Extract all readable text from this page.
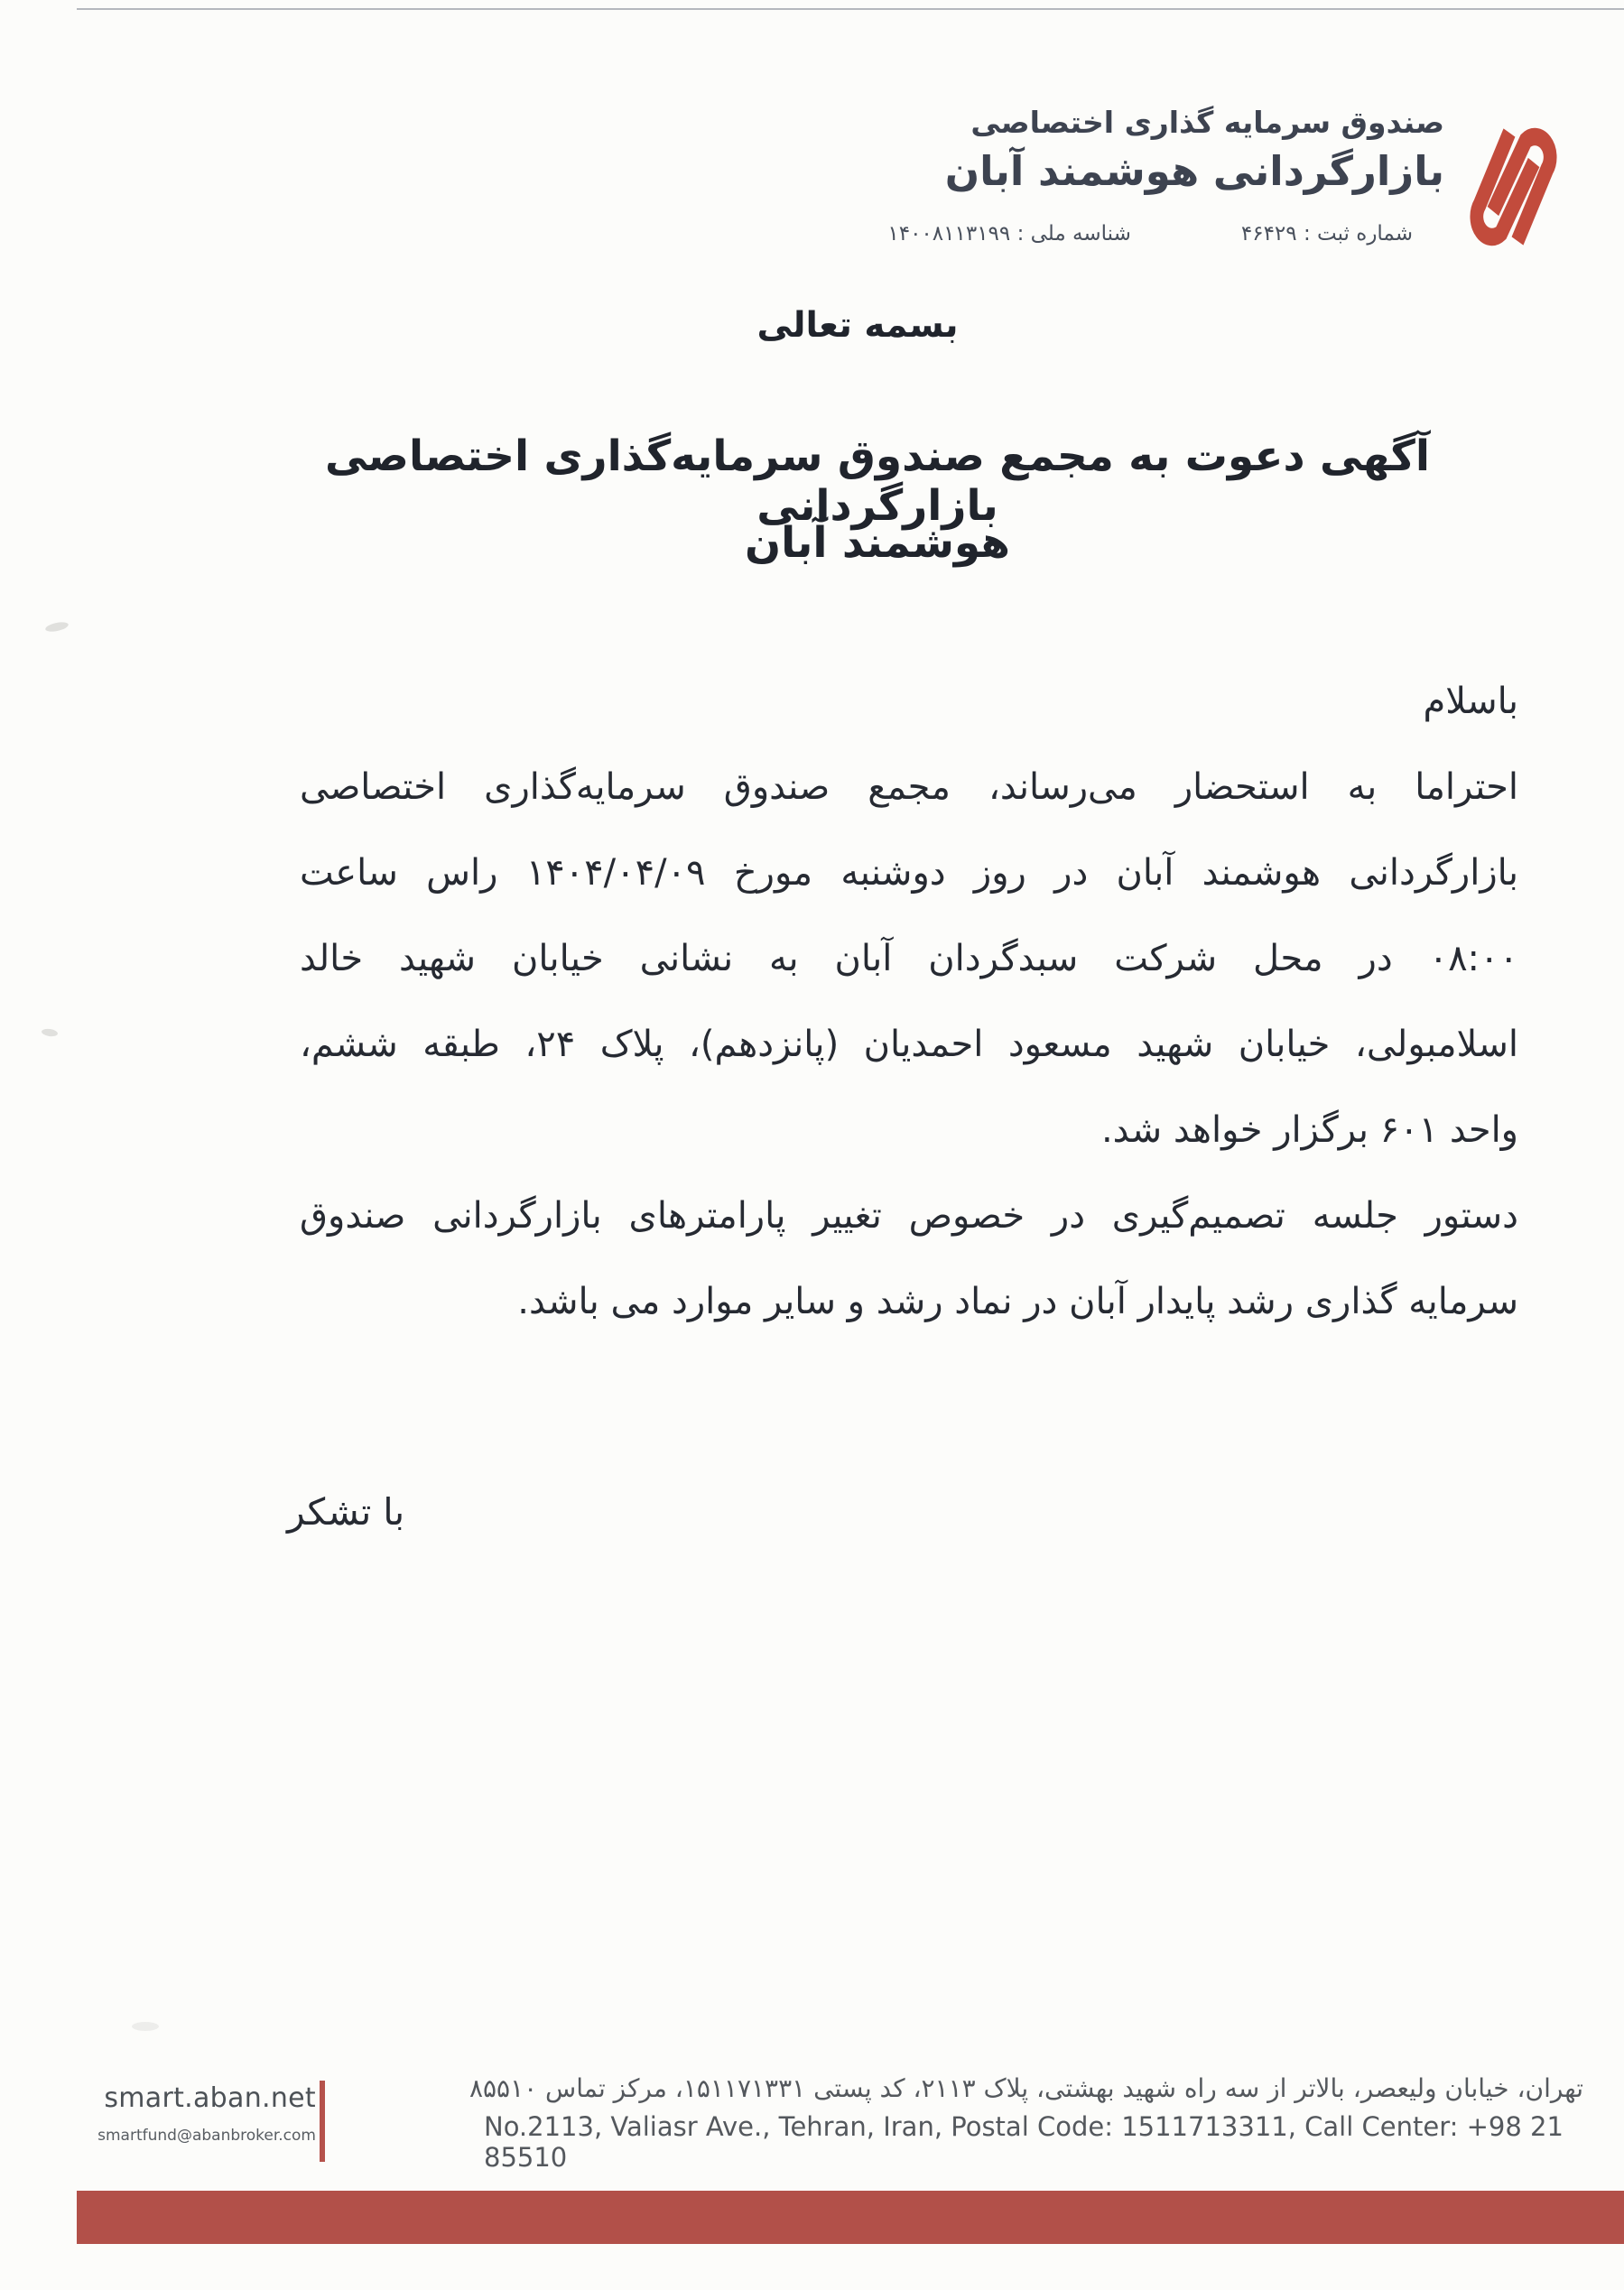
صندوق سرمایه گذاری اختصاصی
بازارگردانی هوشمند آبان
شماره ثبت : ۴۶۴۲۹
شناسه ملی : ۱۴۰۰۸۱۱۳۱۹۹
بسمه تعالی
آگهی دعوت به مجمع صندوق سرمایه‌گذاری اختصاصی بازارگردانی
هوشمند آبان
باسلام
احتراما به استحضار می‌رساند، مجمع صندوق سرمایه‌گذاری اختصاصی
بازارگردانی هوشمند آبان در روز دوشنبه مورخ ۱۴۰۴/۰۴/۰۹ راس ساعت
۰۸:۰۰ در محل شرکت سبدگردان آبان به نشانی خیابان شهید خالد
اسلامبولی، خیابان شهید مسعود احمدیان (پانزدهم)، پلاک ۲۴، طبقه ششم،
واحد ۶۰۱ برگزار خواهد شد.
دستور جلسه تصمیم‌گیری در خصوص تغییر پارامترهای بازارگردانی صندوق
سرمایه گذاری رشد پایدار آبان در نماد رشد و سایر موارد می باشد.
با تشکر
smart.aban.net
smartfund@abanbroker.com
تهران، خیابان ولیعصر، بالاتر از سه راه شهید بهشتی، پلاک ۲۱۱۳، کد پستی ۱۵۱۱۷۱۳۳۱، مرکز تماس ۸۵۵۱۰
No.2113, Valiasr Ave., Tehran, Iran, Postal Code: 1511713311, Call Center: +98 21 85510
